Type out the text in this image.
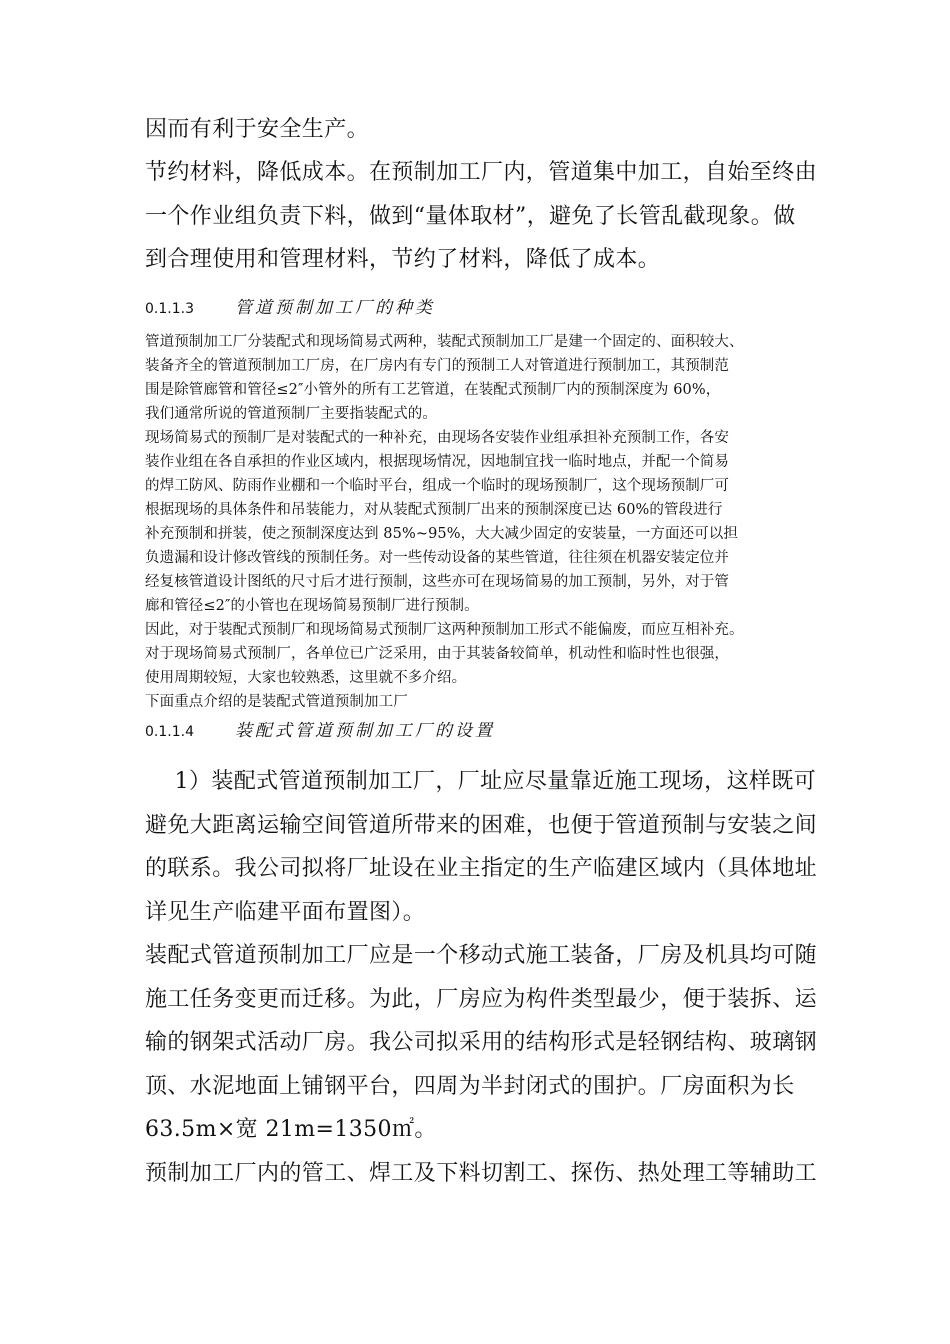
因而有利于安全生产。

节约材料，降低成本。在预制加工厂内，管道集中加工，自始至终由

一个作业组负责下料，做到“量体取材”，避免了长管乱截现象。做

到合理使用和管理材料，节约了材料，降低了成本。

0.1.1.3	管道预制加工厂的种类

管道预制加工厂分装配式和现场简易式两种，装配式预制加工厂是建一个固定的、面积较大、

装备齐全的管道预制加工厂房，在厂房内有专门的预制工人对管道进行预制加工，其预制范

围是除管廊管和管径≤2″小管外的所有工艺管道，在装配式预制厂内的预制深度为 60%，

我们通常所说的管道预制厂主要指装配式的。

现场简易式的预制厂是对装配式的一种补充，由现场各安装作业组承担补充预制工作，各安

装作业组在各自承担的作业区域内，根据现场情况，因地制宜找一临时地点，并配一个简易

的焊工防风、防雨作业棚和一个临时平台，组成一个临时的现场预制厂，这个现场预制厂可

根据现场的具体条件和吊装能力，对从装配式预制厂出来的预制深度已达 60%的管段进行

补充预制和拼装，使之预制深度达到 85%~95%，大大减少固定的安装量，一方面还可以担

负遗漏和设计修改管线的预制任务。对一些传动设备的某些管道，往往须在机器安装定位并

经复核管道设计图纸的尺寸后才进行预制，这些亦可在现场简易的加工预制，另外，对于管

廊和管径≤2″的小管也在现场简易预制厂进行预制。

因此，对于装配式预制厂和现场简易式预制厂这两种预制加工形式不能偏废，而应互相补充。

对于现场简易式预制厂，各单位已广泛采用，由于其装备较简单，机动性和临时性也很强，

使用周期较短，大家也较熟悉，这里就不多介绍。

下面重点介绍的是装配式管道预制加工厂

0.1.1.4	装配式管道预制加工厂的设置

1）装配式管道预制加工厂，厂址应尽量靠近施工现场，这样既可

避免大距离运输空间管道所带来的困难，也便于管道预制与安装之间

的联系。我公司拟将厂址设在业主指定的生产临建区域内（具体地址

详见生产临建平面布置图）。

装配式管道预制加工厂应是一个移动式施工装备，厂房及机具均可随

施工任务变更而迁移。为此，厂房应为构件类型最少，便于装拆、运

输的钢架式活动厂房。我公司拟采用的结构形式是轻钢结构、玻璃钢

顶、水泥地面上铺钢平台，四周为半封闭式的围护。厂房面积为长

63.5m×宽 21m=1350㎡。

预制加工厂内的管工、焊工及下料切割工、探伤、热处理工等辅助工
